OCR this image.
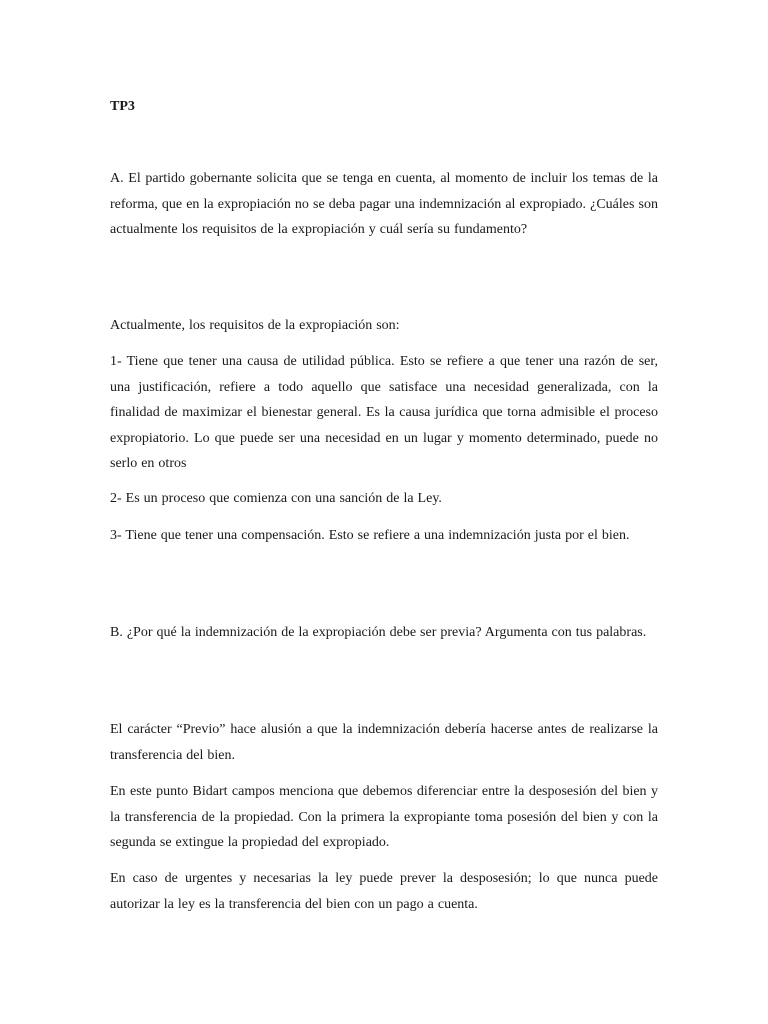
TP3

A. El partido gobernante solicita que se tenga en cuenta, al momento de incluir los temas de la reforma, que en la expropiación no se deba pagar una indemnización al expropiado. ¿Cuáles son actualmente los requisitos de la expropiación y cuál sería su fundamento?

Actualmente, los requisitos de la expropiación son:

1- Tiene que tener una causa de utilidad pública. Esto se refiere a que tener una razón de ser, una justificación, refiere a todo aquello que satisface una necesidad generalizada, con la finalidad de maximizar el bienestar general. Es la causa jurídica que torna admisible el proceso expropiatorio. Lo que puede ser una necesidad en un lugar y momento determinado, puede no serlo en otros

2- Es un proceso que comienza con una sanción de la Ley.

3- Tiene que tener una compensación. Esto se refiere a una indemnización justa por el bien.

B. ¿Por qué la indemnización de la expropiación debe ser previa? Argumenta con tus palabras.

El carácter “Previo” hace alusión a que la indemnización debería hacerse antes de realizarse la transferencia del bien.

En este punto Bidart campos menciona que debemos diferenciar entre la desposesión del bien y la transferencia de la propiedad. Con la primera la expropiante toma posesión del bien y con la segunda se extingue la propiedad del expropiado.

En caso de urgentes y necesarias la ley puede prever la desposesión; lo que nunca puede autorizar la ley es la transferencia del bien con un pago a cuenta.
